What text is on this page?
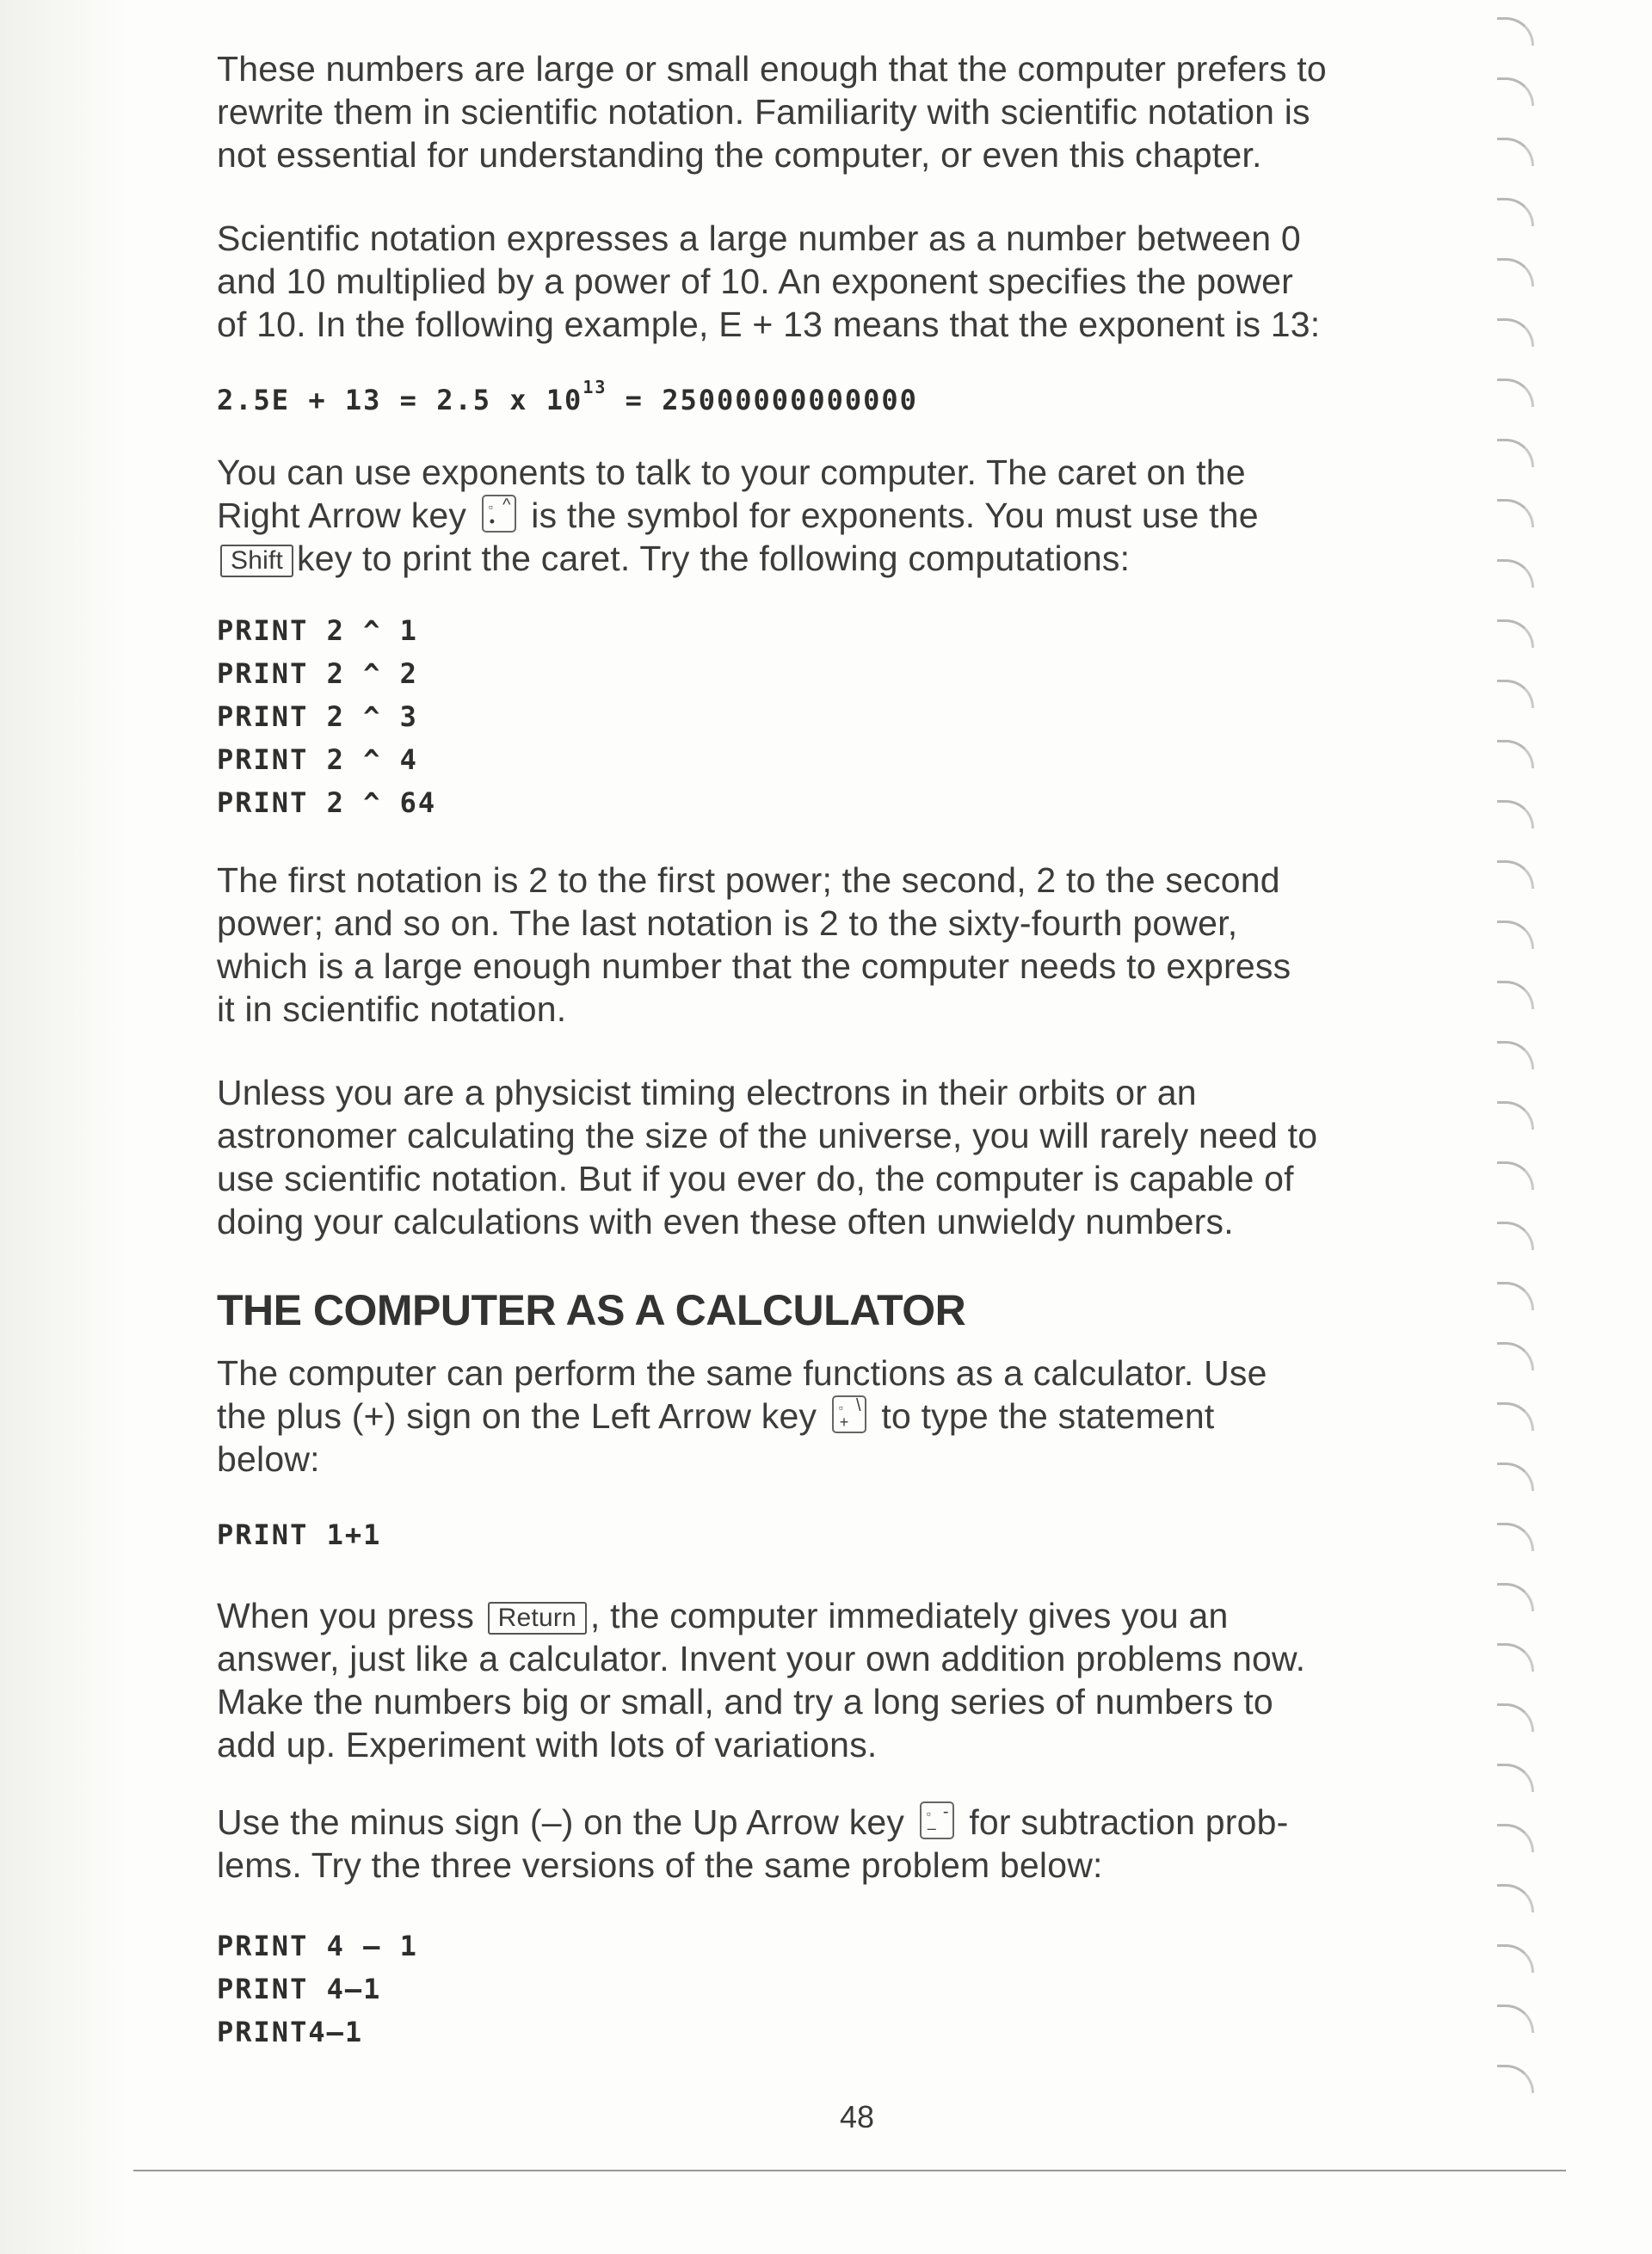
These numbers are large or small enough that the computer prefers to
rewrite them in scientific notation. Familiarity with scientific notation is
not essential for understanding the computer, or even this chapter.

Scientific notation expresses a large number as a number between 0
and 10 multiplied by a power of 10. An exponent specifies the power
of 10. In the following example, E + 13 means that the exponent is 13:

2.5E + 13 = 2.5 x $10^{13} = 25000000000000$

You can use exponents to talk to your computer. The caret on the
Right Arrow key ▫ ^
• is the symbol for exponents. You must use the
Shift key to print the caret. Try the following computations:

PRINT 2 ^ 1
PRINT 2 ^ 2
PRINT 2 ^ 3
PRINT 2 ^ 4
PRINT 2 ^ 64

The first notation is 2 to the first power; the second, 2 to the second
power; and so on. The last notation is 2 to the sixty-fourth power,
which is a large enough number that the computer needs to express
it in scientific notation.

Unless you are a physicist timing electrons in their orbits or an
astronomer calculating the size of the universe, you will rarely need to
use scientific notation. But if you ever do, the computer is capable of
doing your calculations with even these often unwieldy numbers.

THE COMPUTER AS A CALCULATOR

The computer can perform the same functions as a calculator. Use
the plus (+) sign on the Left Arrow key ▫ \
+ to type the statement
below:

PRINT 1+1

When you press Return , the computer immediately gives you an
answer, just like a calculator. Invent your own addition problems now.
Make the numbers big or small, and try a long series of numbers to
add up. Experiment with lots of variations.

Use the minus sign (–) on the Up Arrow key ▫ -
– for subtraction prob-
lems. Try the three versions of the same problem below:

PRINT 4 – 1
PRINT 4–1
PRINT4–1
48
